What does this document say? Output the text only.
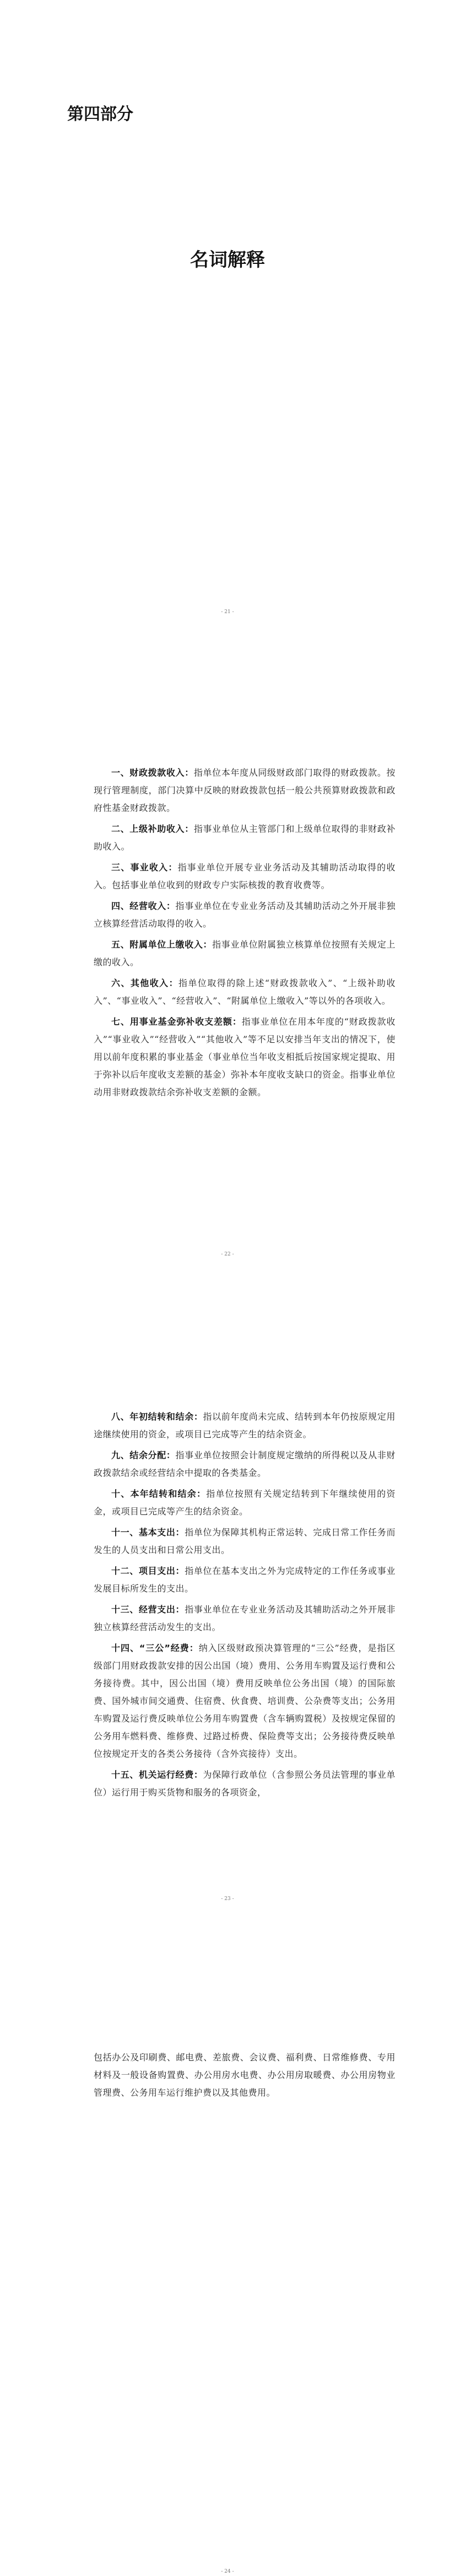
第四部分
名词解释
- 21 -

一、财政拨款收入：指单位本年度从同级财政部门取得的财政拨款。按现行管理制度，部门决算中反映的财政拨款包括一般公共预算财政拨款和政府性基金财政拨款。

二、上级补助收入：指事业单位从主管部门和上级单位取得的非财政补助收入。

三、事业收入：指事业单位开展专业业务活动及其辅助活动取得的收入。包括事业单位收到的财政专户实际核拨的教育收费等。

四、经营收入：指事业单位在专业业务活动及其辅助活动之外开展非独立核算经营活动取得的收入。

五、附属单位上缴收入：指事业单位附属独立核算单位按照有关规定上缴的收入。

六、其他收入：指单位取得的除上述“财政拨款收入”、“上级补助收入”、“事业收入”、“经营收入”、“附属单位上缴收入”等以外的各项收入。

七、用事业基金弥补收支差额：指事业单位在用本年度的“财政拨款收入”“事业收入”“经营收入”“其他收入”等不足以安排当年支出的情况下，使用以前年度积累的事业基金（事业单位当年收支相抵后按国家规定提取、用于弥补以后年度收支差额的基金）弥补本年度收支缺口的资金。指事业单位动用非财政拨款结余弥补收支差额的金额。

- 22 -

八、年初结转和结余：指以前年度尚未完成、结转到本年仍按原规定用途继续使用的资金，或项目已完成等产生的结余资金。

九、结余分配：指事业单位按照会计制度规定缴纳的所得税以及从非财政拨款结余或经营结余中提取的各类基金。

十、本年结转和结余：指单位按照有关规定结转到下年继续使用的资金，或项目已完成等产生的结余资金。

十一、基本支出：指单位为保障其机构正常运转、完成日常工作任务而发生的人员支出和日常公用支出。

十二、项目支出：指单位在基本支出之外为完成特定的工作任务或事业发展目标所发生的支出。

十三、经营支出：指事业单位在专业业务活动及其辅助活动之外开展非独立核算经营活动发生的支出。

十四、“三公”经费：纳入区级财政预决算管理的“三公”经费，是指区级部门用财政拨款安排的因公出国（境）费用、公务用车购置及运行费和公务接待费。其中，因公出国（境）费用反映单位公务出国（境）的国际旅费、国外城市间交通费、住宿费、伙食费、培训费、公杂费等支出；公务用车购置及运行费反映单位公务用车购置费（含车辆购置税）及按规定保留的公务用车燃料费、维修费、过路过桥费、保险费等支出；公务接待费反映单位按规定开支的各类公务接待（含外宾接待）支出。

十五、机关运行经费：为保障行政单位（含参照公务员法管理的事业单位）运行用于购买货物和服务的各项资金，

- 23 -

包括办公及印刷费、邮电费、差旅费、会议费、福利费、日常维修费、专用材料及一般设备购置费、办公用房水电费、办公用房取暖费、办公用房物业管理费、公务用车运行维护费以及其他费用。

- 24 -
